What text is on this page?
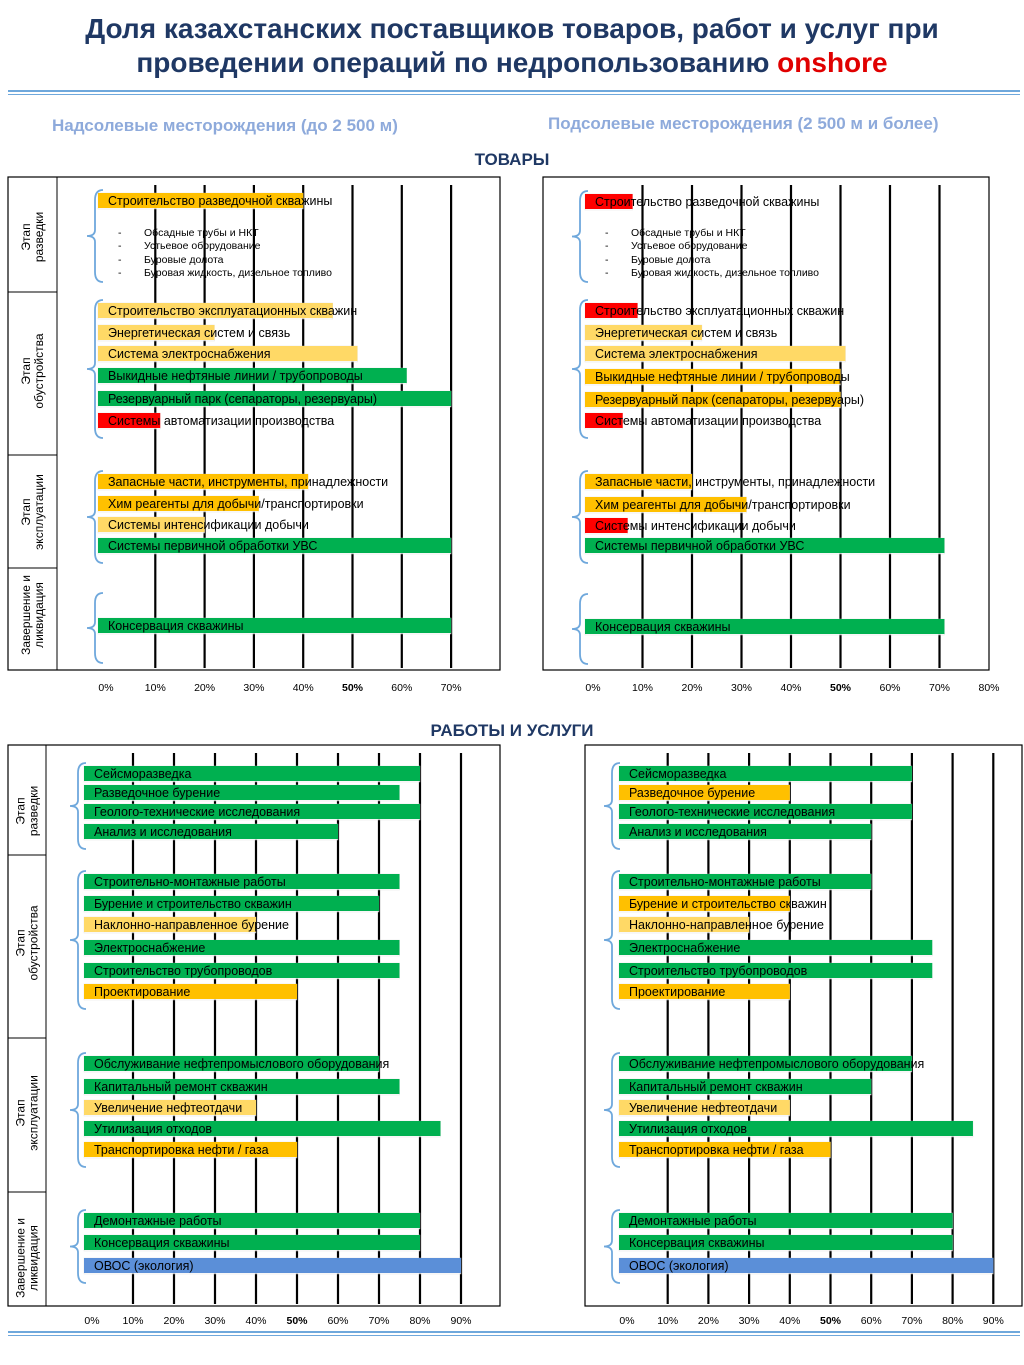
Доля казахстанских поставщиков товаров, работ и услуг при
проведении операций по недропользованию onshore
Надсолевые месторождения (до 2 500 м)	Подсолевые месторождения (2 500 м и более)
ТОВАРЫ
РАБОТЫ И УСЛУГИ
Этап разведки
Строительство разведочной скважины
- Обсадные трубы и НКТ
- Устьевое оборудование
- Буровые долота
- Буровая жидкость, дизельное топливо
Этап обустройства
Строительство эксплуатационных скважин
Энергетическая систем и связь
Система электроснабжения
Выкидные нефтяные линии / трубопроводы
Резервуарный парк (сепараторы, резервуары)
Системы автоматизации производства
Этап эксплуатации	Запасные части, инструменты, принадлежности
Хим реагенты для добычи/транспортировки
Системы интенсификации добычи
Системы первичной обработки УВС
Завершение и ликвидация	Консервация скважины
0%	10%	20%	30%	40%	50%	60%	70%
Строительство разведочной скважины
- Обсадные трубы и НКТ
- Устьевое оборудование
- Буровые долота
- Буровая жидкость, дизельное топливо
Строительство эксплуатационных скважин
Энергетическая систем и связь
Система электроснабжения
Выкидные нефтяные линии / трубопроводы
Резервуарный парк (сепараторы, резервуары)
Системы автоматизации производства
Запасные части, инструменты, принадлежности
Хим реагенты для добычи/транспортировки
Системы интенсификации добычи
Системы первичной обработки УВС
Консервация скважины
0%	10%	20%	30%	40%	50%	60%	70%	80%
Этап разведки
Сейсморазведка
Разведочное бурение
Геолого-технические исследования
Анализ и исследования
Этап обустройства
Строительно-монтажные работы
Бурение и строительство скважин
Наклонно-направленное бурение
Электроснабжение
Строительство трубопроводов
Проектирование
Этап эксплуатации
Обслуживание нефтепромыслового оборудования
Капитальный ремонт скважин
Увеличение нефтеотдачи
Утилизация отходов
Транспортировка нефти / газа
Завершение и ликвидация
Демонтажные работы
Консервация скважины
ОВОС (экология)
0% 10% 20% 30% 40% 50% 60% 70% 80% 90%
Сейсморазведка
Разведочное бурение
Геолого-технические исследования
Анализ и исследования
Строительно-монтажные работы
Бурение и строительство скважин
Наклонно-направленное бурение
Электроснабжение
Строительство трубопроводов
Проектирование
Обслуживание нефтепромыслового оборудования
Капитальный ремонт скважин
Увеличение нефтеотдачи
Утилизация отходов
Транспортировка нефти / газа
Демонтажные работы
Консервация скважины
ОВОС (экология)
0% 10% 20% 30% 40% 50% 60% 70% 80% 90%
